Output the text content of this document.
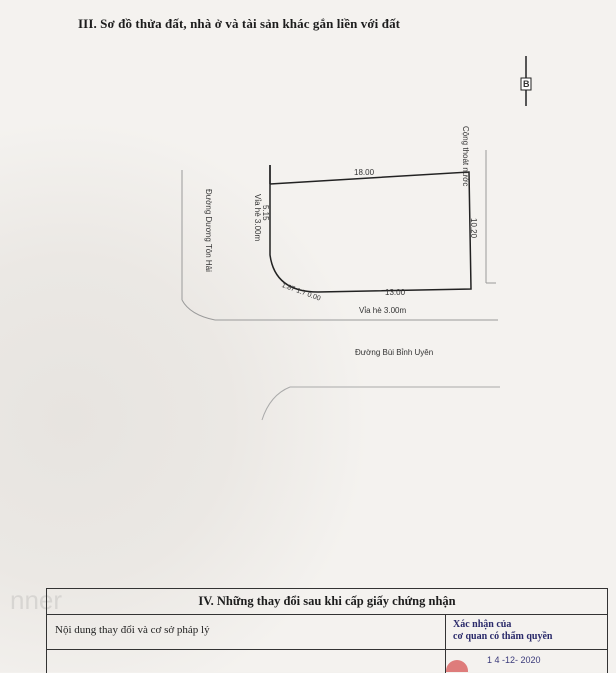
III. Sơ đồ thửa đất, nhà ở và tài sản khác gắn liền với đất
B
18.00
10.20
13.00
5.15
1.87 1.7 0.00
Đường Dương Tôn Hải	Vỉa hè 3.00m
Vỉa hè 3.00m
Đường Bùi Bỉnh Uyên
Cộng thoát nước
nner	IV. Những thay đổi sau khi cấp giấy chứng nhận
Nội dung thay đổi và cơ sở pháp lý	Xác nhận của
cơ quan có thẩm quyền
1 4 -12- 2020
